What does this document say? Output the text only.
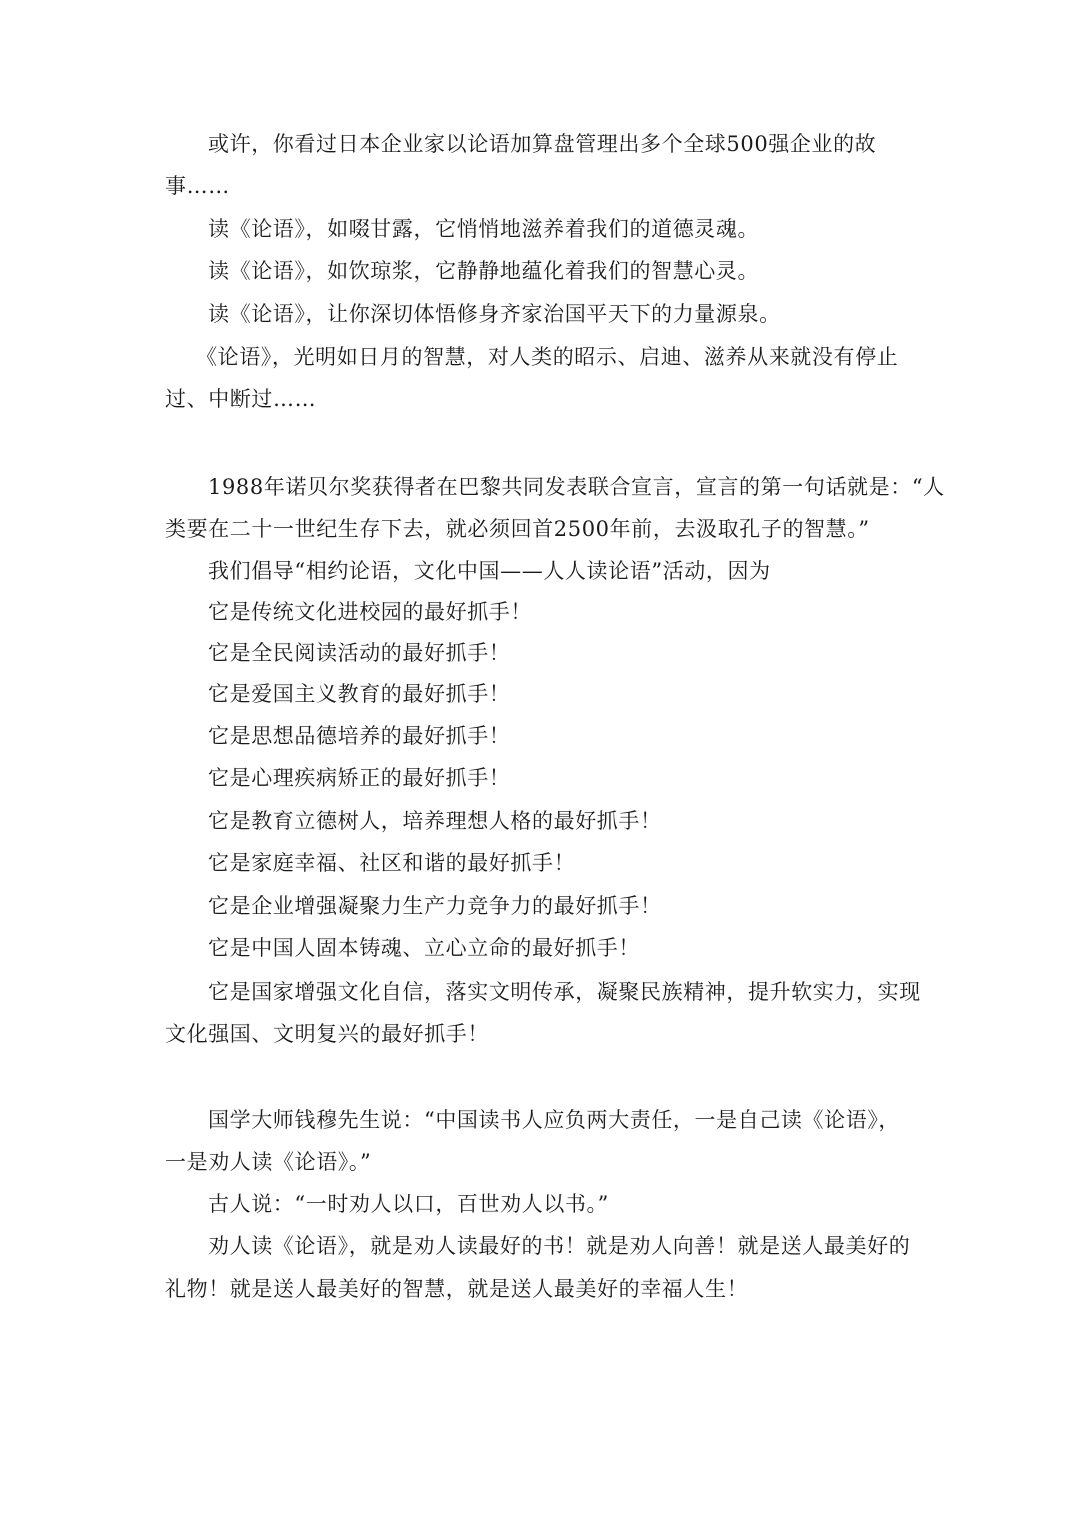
或许，你看过日本企业家以论语加算盘管理出多个全球500强企业的故
事……
读《论语》，如啜甘露，它悄悄地滋养着我们的道德灵魂。
读《论语》，如饮琼浆，它静静地蕴化着我们的智慧心灵。
读《论语》，让你深切体悟修身齐家治国平天下的力量源泉。
《论语》，光明如日月的智慧，对人类的昭示、启迪、滋养从来就没有停止
过、中断过……
1988年诺贝尔奖获得者在巴黎共同发表联合宣言，宣言的第一句话就是：“人
类要在二十一世纪生存下去，就必须回首2500年前，去汲取孔子的智慧。”
我们倡导“相约论语，文化中国——人人读论语”活动，因为
它是传统文化进校园的最好抓手！
它是全民阅读活动的最好抓手！
它是爱国主义教育的最好抓手！
它是思想品德培养的最好抓手！
它是心理疾病矫正的最好抓手！
它是教育立德树人，培养理想人格的最好抓手！
它是家庭幸福、社区和谐的最好抓手！
它是企业增强凝聚力生产力竞争力的最好抓手！
它是中国人固本铸魂、立心立命的最好抓手！
它是国家增强文化自信，落实文明传承，凝聚民族精神，提升软实力，实现
文化强国、文明复兴的最好抓手！
国学大师钱穆先生说：“中国读书人应负两大责任，一是自己读《论语》，
一是劝人读《论语》。”
古人说：“一时劝人以口，百世劝人以书。”
劝人读《论语》，就是劝人读最好的书！就是劝人向善！就是送人最美好的
礼物！就是送人最美好的智慧，就是送人最美好的幸福人生！
